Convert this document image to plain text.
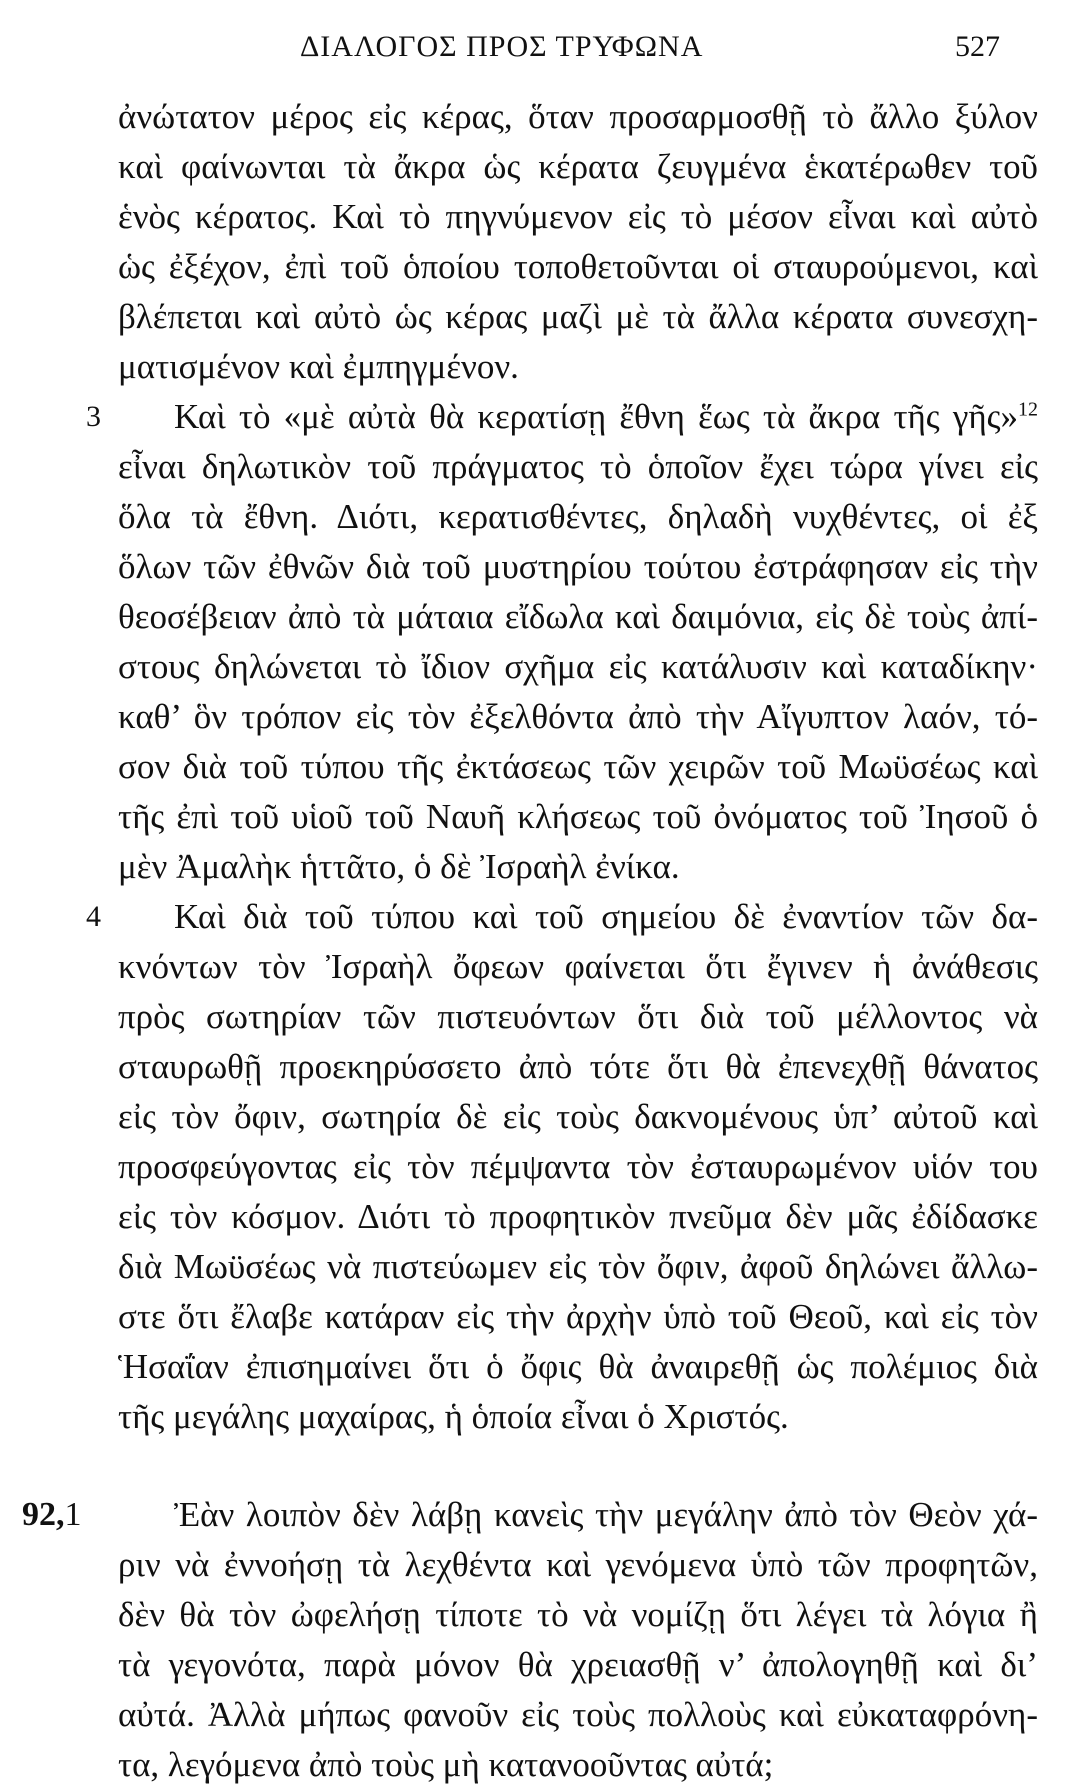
ΔΙΑΛΟΓΟΣ ΠΡΟΣ ΤΡΥΦΩΝΑ	527
ἀνώτατον μέρος εἰς κέρας, ὅταν προσαρμοσθῇ τὸ ἄλλο ξύλον
καὶ φαίνωνται τὰ ἄκρα ὡς κέρατα ζευγμένα ἑκατέρωθεν τοῦ
ἑνὸς κέρατος. Καὶ τὸ πηγνύμενον εἰς τὸ μέσον εἶναι καὶ αὐτὸ
ὡς ἐξέχον, ἐπὶ τοῦ ὁποίου τοποθετοῦνται οἱ σταυρούμενοι, καὶ
βλέπεται καὶ αὐτὸ ὡς κέρας μαζὶ μὲ τὰ ἄλλα κέρατα συνεσχη-
ματισμένον καὶ ἐμπηγμένον.
3 Καὶ τὸ «μὲ αὐτὰ θὰ κερατίσῃ ἔθνη ἕως τὰ ἄκρα τῆς γῆς»$^{12}$
εἶναι δηλωτικὸν τοῦ πράγματος τὸ ὁποῖον ἔχει τώρα γίνει εἰς
ὅλα τὰ ἔθνη. Διότι, κερατισθέντες, δηλαδὴ νυχθέντες, οἱ ἐξ
ὅλων τῶν ἐθνῶν διὰ τοῦ μυστηρίου τούτου ἐστράφησαν εἰς τὴν
θεοσέβειαν ἀπὸ τὰ μάταια εἴδωλα καὶ δαιμόνια, εἰς δὲ τοὺς ἀπί-
στους δηλώνεται τὸ ἴδιον σχῆμα εἰς κατάλυσιν καὶ καταδίκην·
καθ’ ὃν τρόπον εἰς τὸν ἐξελθόντα ἀπὸ τὴν Αἴγυπτον λαόν, τό-
σον διὰ τοῦ τύπου τῆς ἐκτάσεως τῶν χειρῶν τοῦ Μωϋσέως καὶ
τῆς ἐπὶ τοῦ υἱοῦ τοῦ Ναυῆ κλήσεως τοῦ ὀνόματος τοῦ Ἰησοῦ ὁ
μὲν Ἀμαλὴκ ἡττᾶτο, ὁ δὲ Ἰσραὴλ ἐνίκα.
4 Καὶ διὰ τοῦ τύπου καὶ τοῦ σημείου δὲ ἐναντίον τῶν δα-
κνόντων τὸν Ἰσραὴλ ὄφεων φαίνεται ὅτι ἔγινεν ἡ ἀνάθεσις
πρὸς σωτηρίαν τῶν πιστευόντων ὅτι διὰ τοῦ μέλλοντος νὰ
σταυρωθῇ προεκηρύσσετο ἀπὸ τότε ὅτι θὰ ἐπενεχθῇ θάνατος
εἰς τὸν ὄφιν, σωτηρία δὲ εἰς τοὺς δακνομένους ὑπ’ αὐτοῦ καὶ
προσφεύγοντας εἰς τὸν πέμψαντα τὸν ἐσταυρωμένον υἱόν του
εἰς τὸν κόσμον. Διότι τὸ προφητικὸν πνεῦμα δὲν μᾶς ἐδίδασκε
διὰ Μωϋσέως νὰ πιστεύωμεν εἰς τὸν ὄφιν, ἀφοῦ δηλώνει ἄλλω-
στε ὅτι ἔλαβε κατάραν εἰς τὴν ἀρχὴν ὑπὸ τοῦ Θεοῦ, καὶ εἰς τὸν
Ἡσαΐαν ἐπισημαίνει ὅτι ὁ ὄφις θὰ ἀναιρεθῇ ὡς πολέμιος διὰ
τῆς μεγάλης μαχαίρας, ἡ ὁποία εἶναι ὁ Χριστός.
92,1	Ἐὰν λοιπὸν δὲν λάβῃ κανεὶς τὴν μεγάλην ἀπὸ τὸν Θεὸν χά-
ριν νὰ ἐννοήσῃ τὰ λεχθέντα καὶ γενόμενα ὑπὸ τῶν προφητῶν,
δὲν θὰ τὸν ὠφελήσῃ τίποτε τὸ νὰ νομίζῃ ὅτι λέγει τὰ λόγια ἢ
τὰ γεγονότα, παρὰ μόνον θὰ χρειασθῇ ν’ ἀπολογηθῇ καὶ δι’
αὐτά. Ἀλλὰ μήπως φανοῦν εἰς τοὺς πολλοὺς καὶ εὐκαταφρόνη-
τα, λεγόμενα ἀπὸ τοὺς μὴ κατανοοῦντας αὐτά;
